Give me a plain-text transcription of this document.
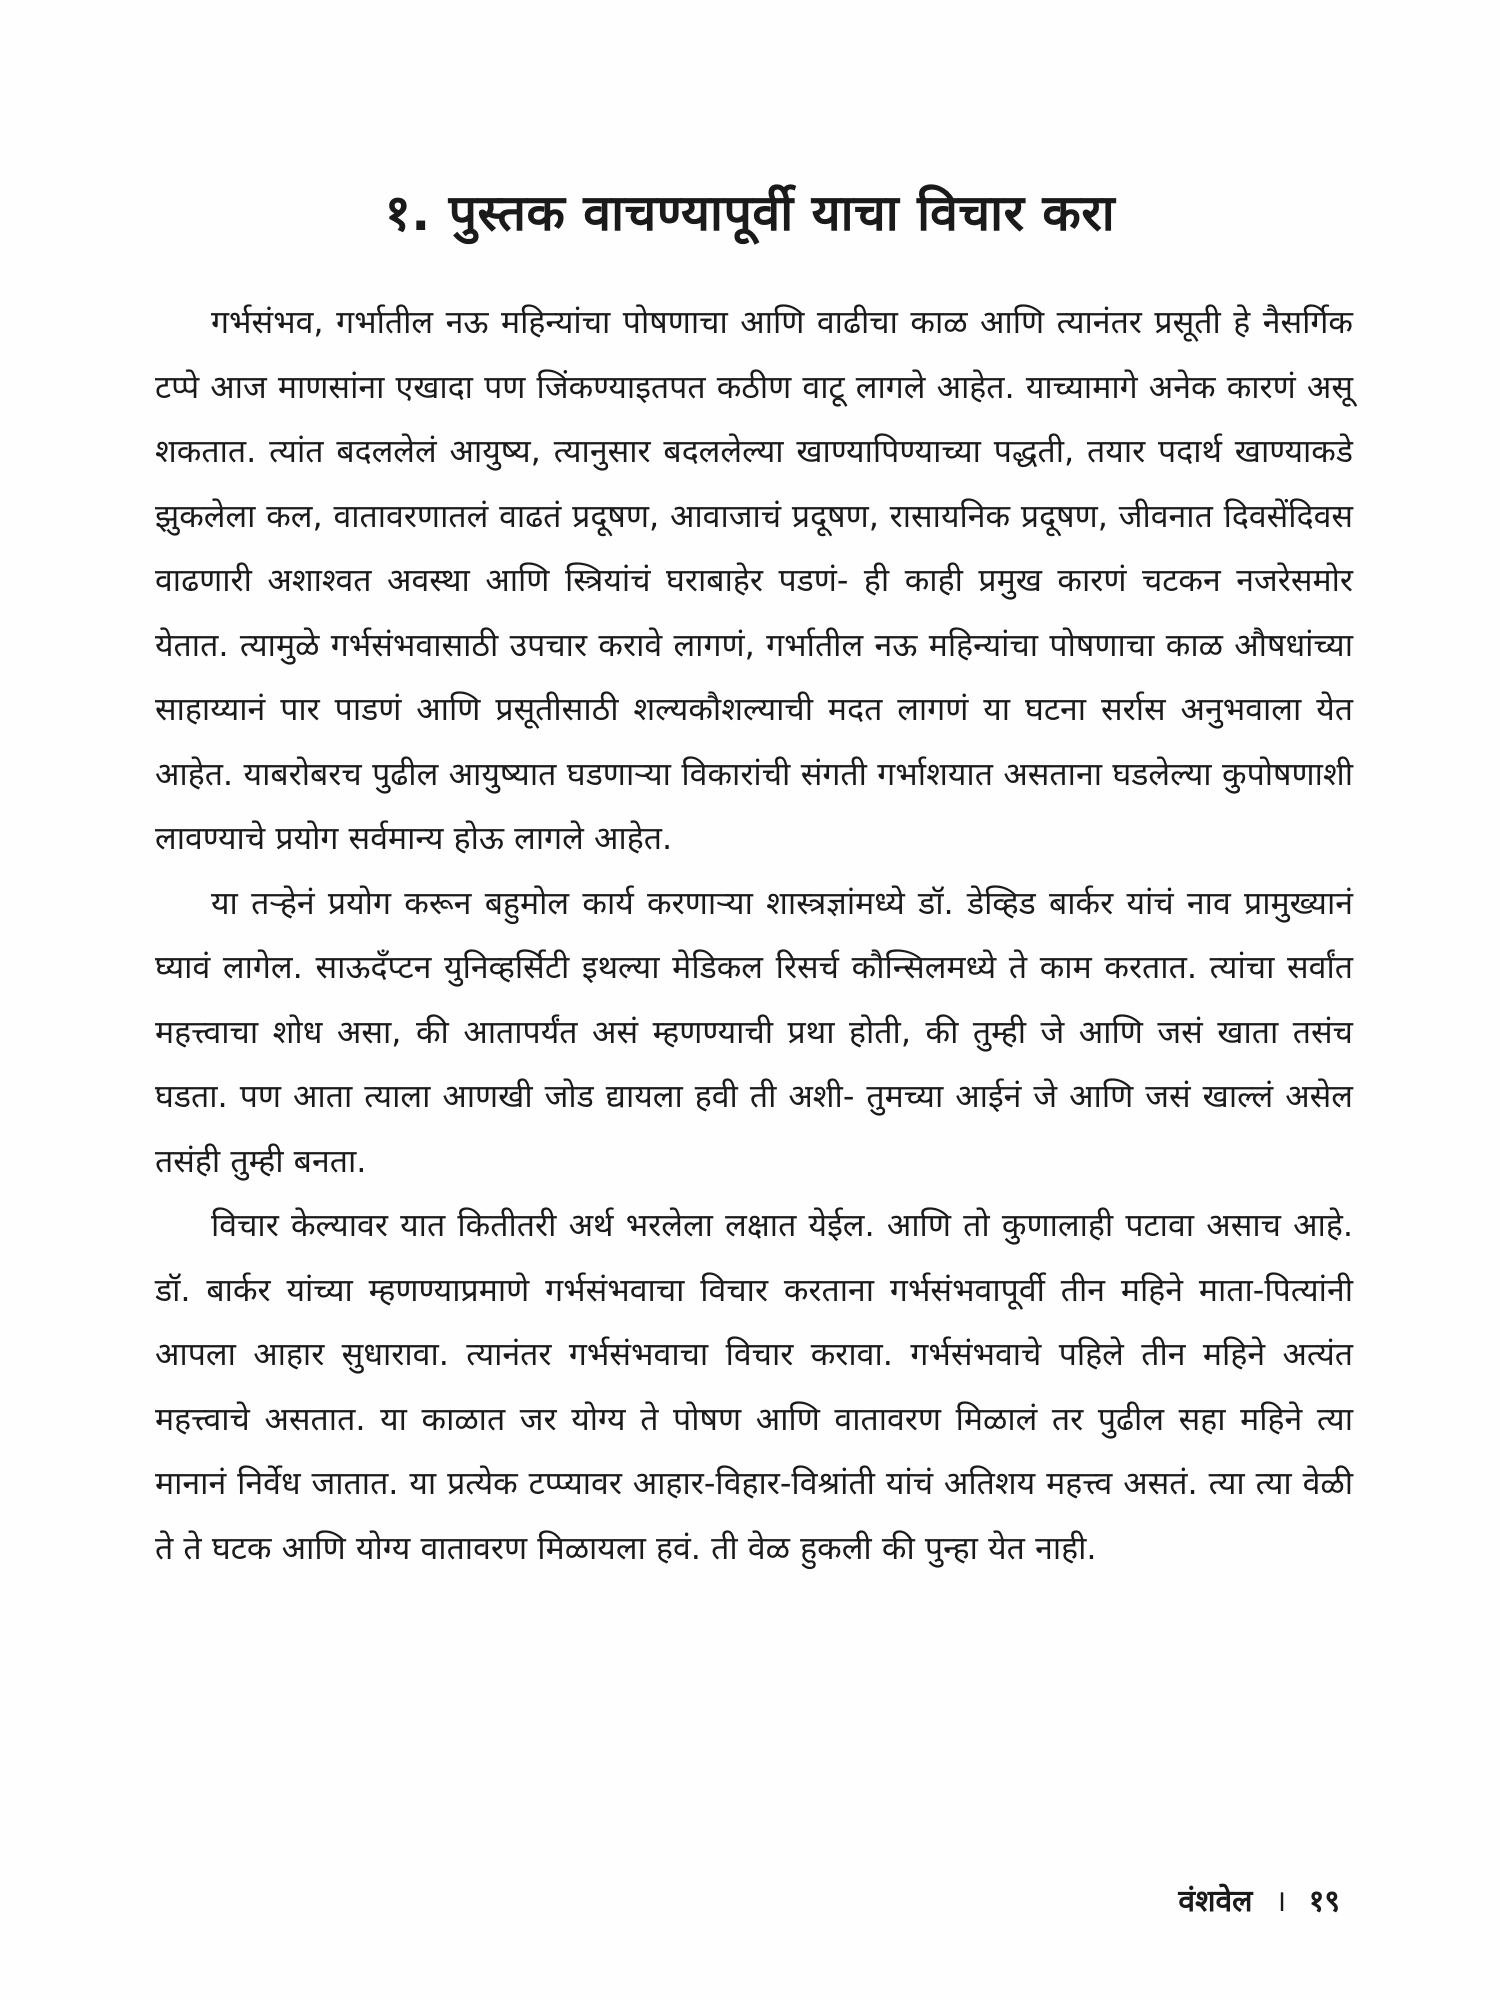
१. पुस्तक वाचण्यापूर्वी याचा विचार करा

गर्भसंभव, गर्भातील नऊ महिन्यांचा पोषणाचा आणि वाढीचा काळ आणि त्यानंतर प्रसूती हे नैसर्गिक टप्पे आज माणसांना एखादा पण जिंकण्याइतपत कठीण वाटू लागले आहेत. याच्यामागे अनेक कारणं असू शकतात. त्यांत बदललेलं आयुष्य, त्यानुसार बदललेल्या खाण्यापिण्याच्या पद्धती, तयार पदार्थ खाण्याकडे झुकलेला कल, वातावरणातलं वाढतं प्रदूषण, आवाजाचं प्रदूषण, रासायनिक प्रदूषण, जीवनात दिवसेंदिवस वाढणारी अशाश्वत अवस्था आणि स्त्रियांचं घराबाहेर पडणं- ही काही प्रमुख कारणं चटकन नजरेसमोर येतात. त्यामुळे गर्भसंभवासाठी उपचार करावे लागणं, गर्भातील नऊ महिन्यांचा पोषणाचा काळ औषधांच्या साहाय्यानं पार पाडणं आणि प्रसूतीसाठी शल्यकौशल्याची मदत लागणं या घटना सर्रास अनुभवाला येत आहेत. याबरोबरच पुढील आयुष्यात घडणाऱ्या विकारांची संगती गर्भाशयात असताना घडलेल्या कुपोषणाशी लावण्याचे प्रयोग सर्वमान्य होऊ लागले आहेत.

या तऱ्हेनं प्रयोग करून बहुमोल कार्य करणाऱ्या शास्त्रज्ञांमध्ये डॉ. डेव्हिड बार्कर यांचं नाव प्रामुख्यानं घ्यावं लागेल. साऊदँप्टन युनिव्हर्सिटी इथल्या मेडिकल रिसर्च कौन्सिलमध्ये ते काम करतात. त्यांचा सर्वांत महत्त्वाचा शोध असा, की आतापर्यंत असं म्हणण्याची प्रथा होती, की तुम्ही जे आणि जसं खाता तसंच घडता. पण आता त्याला आणखी जोड द्यायला हवी ती अशी- तुमच्या आईनं जे आणि जसं खाल्लं असेल तसंही तुम्ही बनता.

विचार केल्यावर यात कितीतरी अर्थ भरलेला लक्षात येईल. आणि तो कुणालाही पटावा असाच आहे. डॉ. बार्कर यांच्या म्हणण्याप्रमाणे गर्भसंभवाचा विचार करताना गर्भसंभवापूर्वी तीन महिने माता-पित्यांनी आपला आहार सुधारावा. त्यानंतर गर्भसंभवाचा विचार करावा. गर्भसंभवाचे पहिले तीन महिने अत्यंत महत्त्वाचे असतात. या काळात जर योग्य ते पोषण आणि वातावरण मिळालं तर पुढील सहा महिने त्या मानानं निर्वेध जातात. या प्रत्येक टप्प्यावर आहार-विहार-विश्रांती यांचं अतिशय महत्त्व असतं. त्या त्या वेळी ते ते घटक आणि योग्य वातावरण मिळायला हवं. ती वेळ हुकली की पुन्हा येत नाही.

वंशवेल । १९
